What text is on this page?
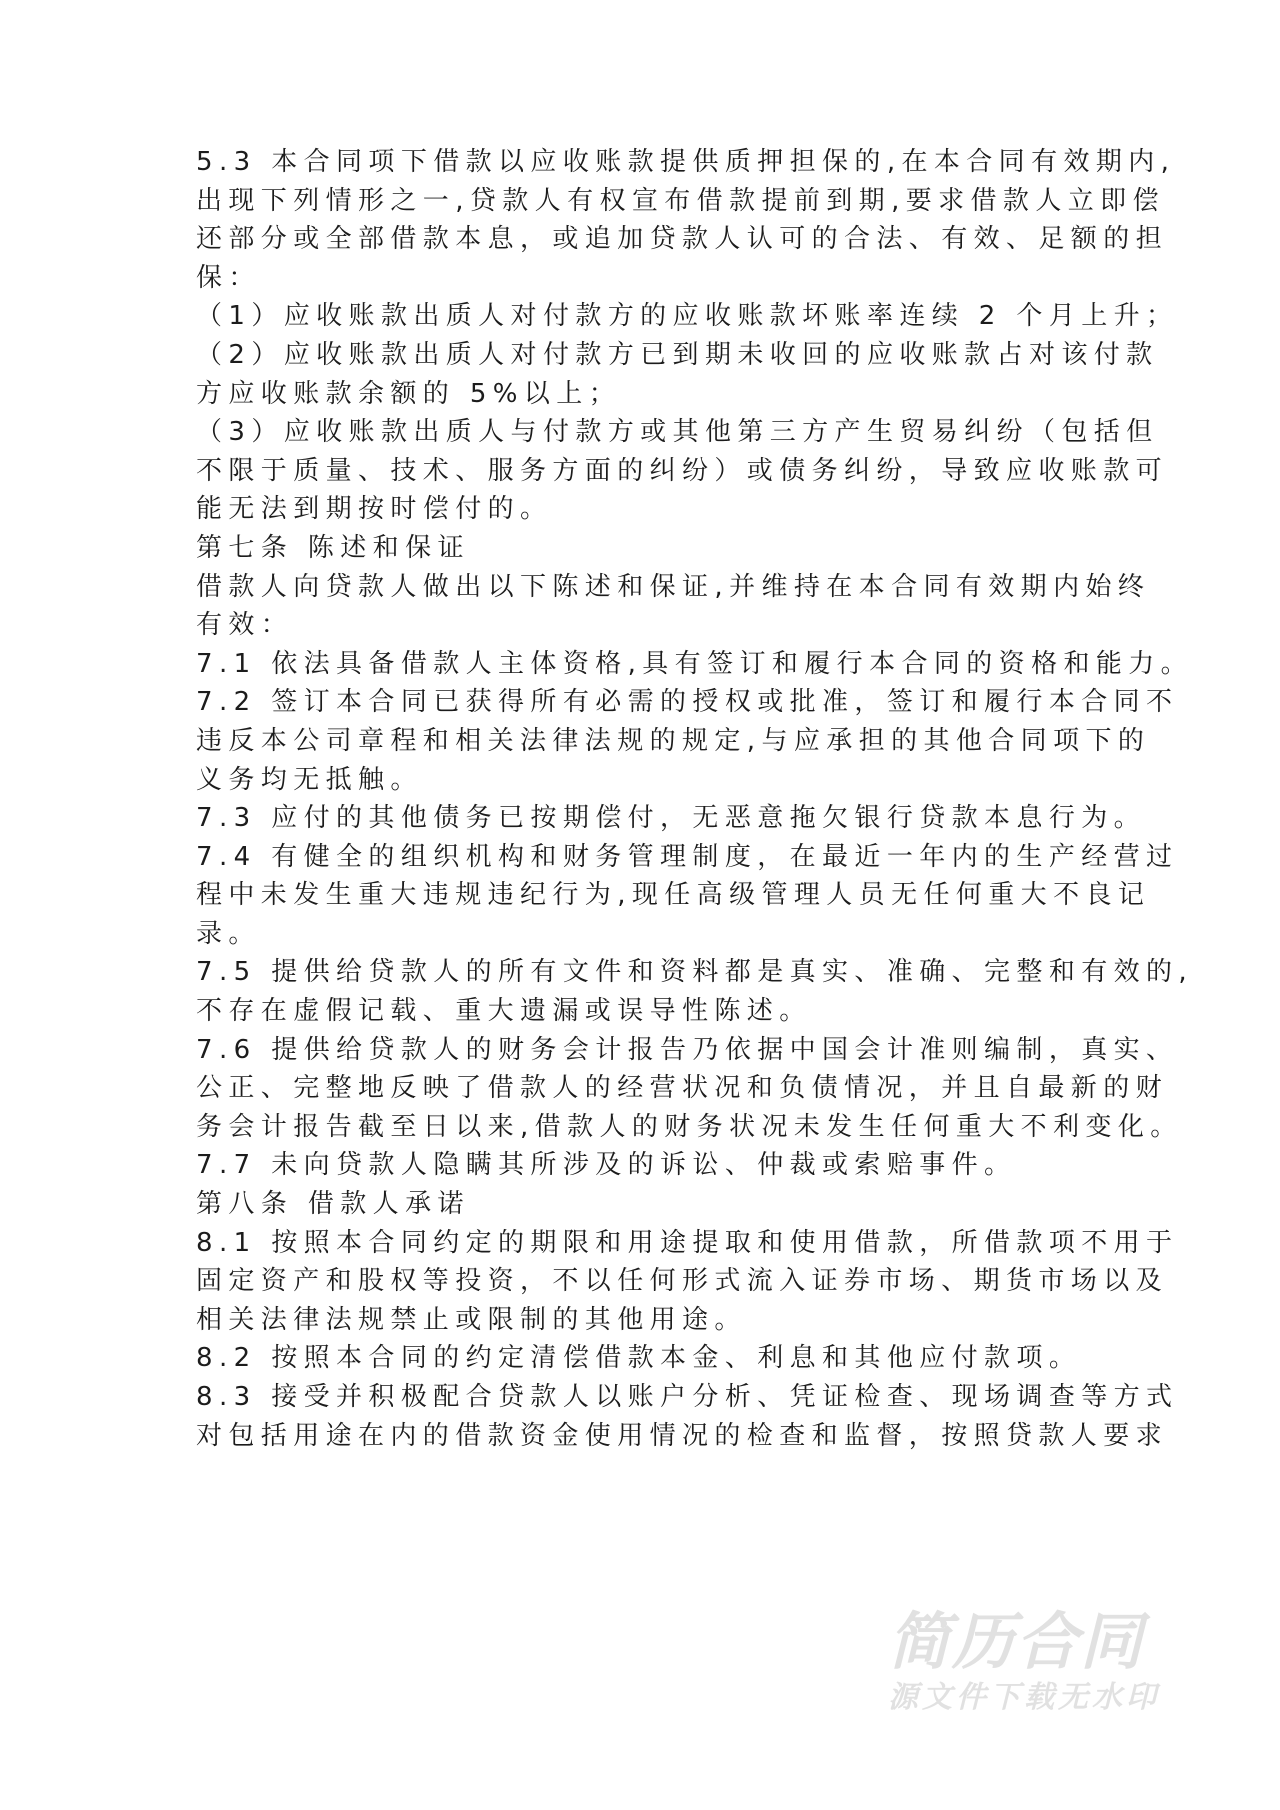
5.3 本合同项下借款以应收账款提供质押担保的,在本合同有效期内,
出现下列情形之一,贷款人有权宣布借款提前到期,要求借款人立即偿
还部分或全部借款本息，或追加贷款人认可的合法、有效、足额的担
保：
（1）应收账款出质人对付款方的应收账款坏账率连续 2 个月上升；
（2）应收账款出质人对付款方已到期未收回的应收账款占对该付款
方应收账款余额的 5%以上；
（3）应收账款出质人与付款方或其他第三方产生贸易纠纷（包括但
不限于质量、技术、服务方面的纠纷）或债务纠纷，导致应收账款可
能无法到期按时偿付的。
第七条 陈述和保证
借款人向贷款人做出以下陈述和保证,并维持在本合同有效期内始终
有效：
7.1 依法具备借款人主体资格,具有签订和履行本合同的资格和能力。
7.2 签订本合同已获得所有必需的授权或批准，签订和履行本合同不
违反本公司章程和相关法律法规的规定,与应承担的其他合同项下的
义务均无抵触。
7.3 应付的其他债务已按期偿付，无恶意拖欠银行贷款本息行为。
7.4 有健全的组织机构和财务管理制度，在最近一年内的生产经营过
程中未发生重大违规违纪行为,现任高级管理人员无任何重大不良记
录。
7.5 提供给贷款人的所有文件和资料都是真实、准确、完整和有效的,
不存在虚假记载、重大遗漏或误导性陈述。
7.6 提供给贷款人的财务会计报告乃依据中国会计准则编制，真实、
公正、完整地反映了借款人的经营状况和负债情况，并且自最新的财
务会计报告截至日以来,借款人的财务状况未发生任何重大不利变化。
7.7 未向贷款人隐瞒其所涉及的诉讼、仲裁或索赔事件。
第八条 借款人承诺
8.1 按照本合同约定的期限和用途提取和使用借款，所借款项不用于
固定资产和股权等投资，不以任何形式流入证券市场、期货市场以及
相关法律法规禁止或限制的其他用途。
8.2 按照本合同的约定清偿借款本金、利息和其他应付款项。
8.3 接受并积极配合贷款人以账户分析、凭证检查、现场调查等方式
对包括用途在内的借款资金使用情况的检查和监督，按照贷款人要求
简历合同
源文件下载无水印
